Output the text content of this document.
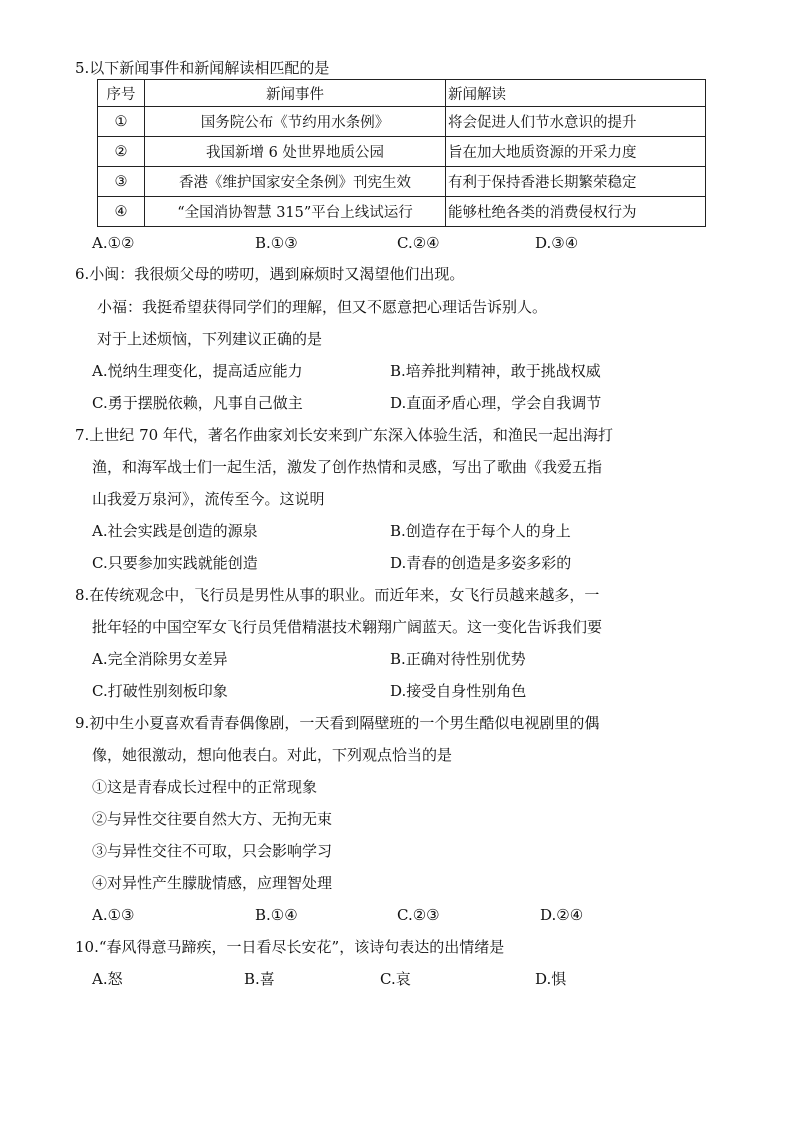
5.以下新闻事件和新闻解读相匹配的是
序号	新闻事件	新闻解读
①	国务院公布《节约用水条例》	将会促进人们节水意识的提升
②	我国新增 6 处世界地质公园	旨在加大地质资源的开采力度
③	香港《维护国家安全条例》刊宪生效	有利于保持香港长期繁荣稳定
④	“全国消协智慧 315”平台上线试运行	能够杜绝各类的消费侵权行为
A.①②	B.①③	C.②④	D.③④
6.小闽：我很烦父母的唠叨，遇到麻烦时又渴望他们出现。
小福：我挺希望获得同学们的理解，但又不愿意把心理话告诉别人。
对于上述烦恼，下列建议正确的是
A.悦纳生理变化，提高适应能力	B.培养批判精神，敢于挑战权威
C.勇于摆脱依赖，凡事自己做主	D.直面矛盾心理，学会自我调节
7.上世纪 70 年代，著名作曲家刘长安来到广东深入体验生活，和渔民一起出海打
渔，和海军战士们一起生活，激发了创作热情和灵感，写出了歌曲《我爱五指
山我爱万泉河》，流传至今。这说明
A.社会实践是创造的源泉	B.创造存在于每个人的身上
C.只要参加实践就能创造	D.青春的创造是多姿多彩的
8.在传统观念中，飞行员是男性从事的职业。而近年来，女飞行员越来越多，一
批年轻的中国空军女飞行员凭借精湛技术翱翔广阔蓝天。这一变化告诉我们要
A.完全消除男女差异	B.正确对待性别优势
C.打破性别刻板印象	D.接受自身性别角色
9.初中生小夏喜欢看青春偶像剧，一天看到隔壁班的一个男生酷似电视剧里的偶
像，她很激动，想向他表白。对此，下列观点恰当的是
①这是青春成长过程中的正常现象
②与异性交往要自然大方、无拘无束
③与异性交往不可取，只会影响学习
④对异性产生朦胧情感，应理智处理
A.①③	B.①④	C.②③	D.②④
10.“春风得意马蹄疾，一日看尽长安花”，该诗句表达的出情绪是
A.怒	B.喜	C.哀	D.惧
